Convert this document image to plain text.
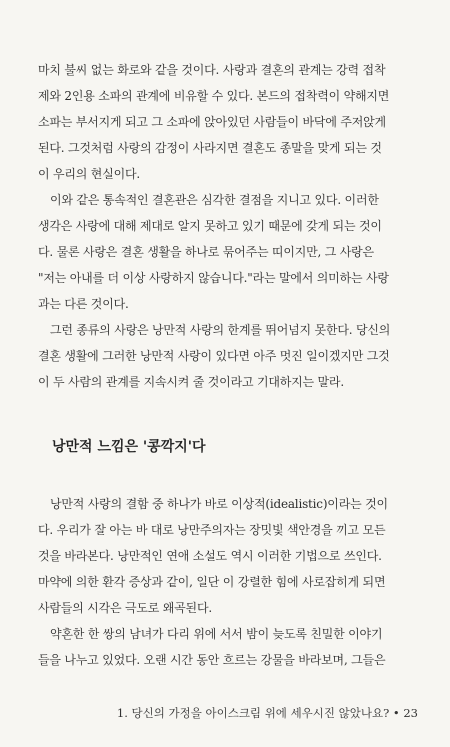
마치 불씨 없는 화로와 같을 것이다. 사랑과 결혼의 관계는 강력 접착
제와 2인용 소파의 관계에 비유할 수 있다. 본드의 접착력이 약해지면
소파는 부서지게 되고 그 소파에 앉아있던 사람들이 바닥에 주저앉게
된다. 그것처럼 사랑의 감정이 사라지면 결혼도 종말을 맞게 되는 것
이 우리의 현실이다.
이와 같은 통속적인 결혼관은 심각한 결점을 지니고 있다. 이러한
생각은 사랑에 대해 제대로 알지 못하고 있기 때문에 갖게 되는 것이
다. 물론 사랑은 결혼 생활을 하나로 묶어주는 띠이지만, 그 사랑은
"저는 아내를 더 이상 사랑하지 않습니다."라는 말에서 의미하는 사랑
과는 다른 것이다.
그런 종류의 사랑은 낭만적 사랑의 한계를 뛰어넘지 못한다. 당신의
결혼 생활에 그러한 낭만적 사랑이 있다면 아주 멋진 일이겠지만 그것
이 두 사람의 관계를 지속시켜 줄 것이라고 기대하지는 말라.
낭만적 느낌은 '콩깍지'다
낭만적 사랑의 결함 중 하나가 바로 이상적(idealistic)이라는 것이
다. 우리가 잘 아는 바 대로 낭만주의자는 장밋빛 색안경을 끼고 모든
것을 바라본다. 낭만적인 연애 소설도 역시 이러한 기법으로 쓰인다.
마약에 의한 환각 증상과 같이, 일단 이 강렬한 힘에 사로잡히게 되면
사람들의 시각은 극도로 왜곡된다.
약혼한 한 쌍의 남녀가 다리 위에 서서 밤이 늦도록 친밀한 이야기
들을 나누고 있었다. 오랜 시간 동안 흐르는 강물을 바라보며, 그들은
1. 당신의 가정을 아이스크림 위에 세우시진 않았나요? • 23
